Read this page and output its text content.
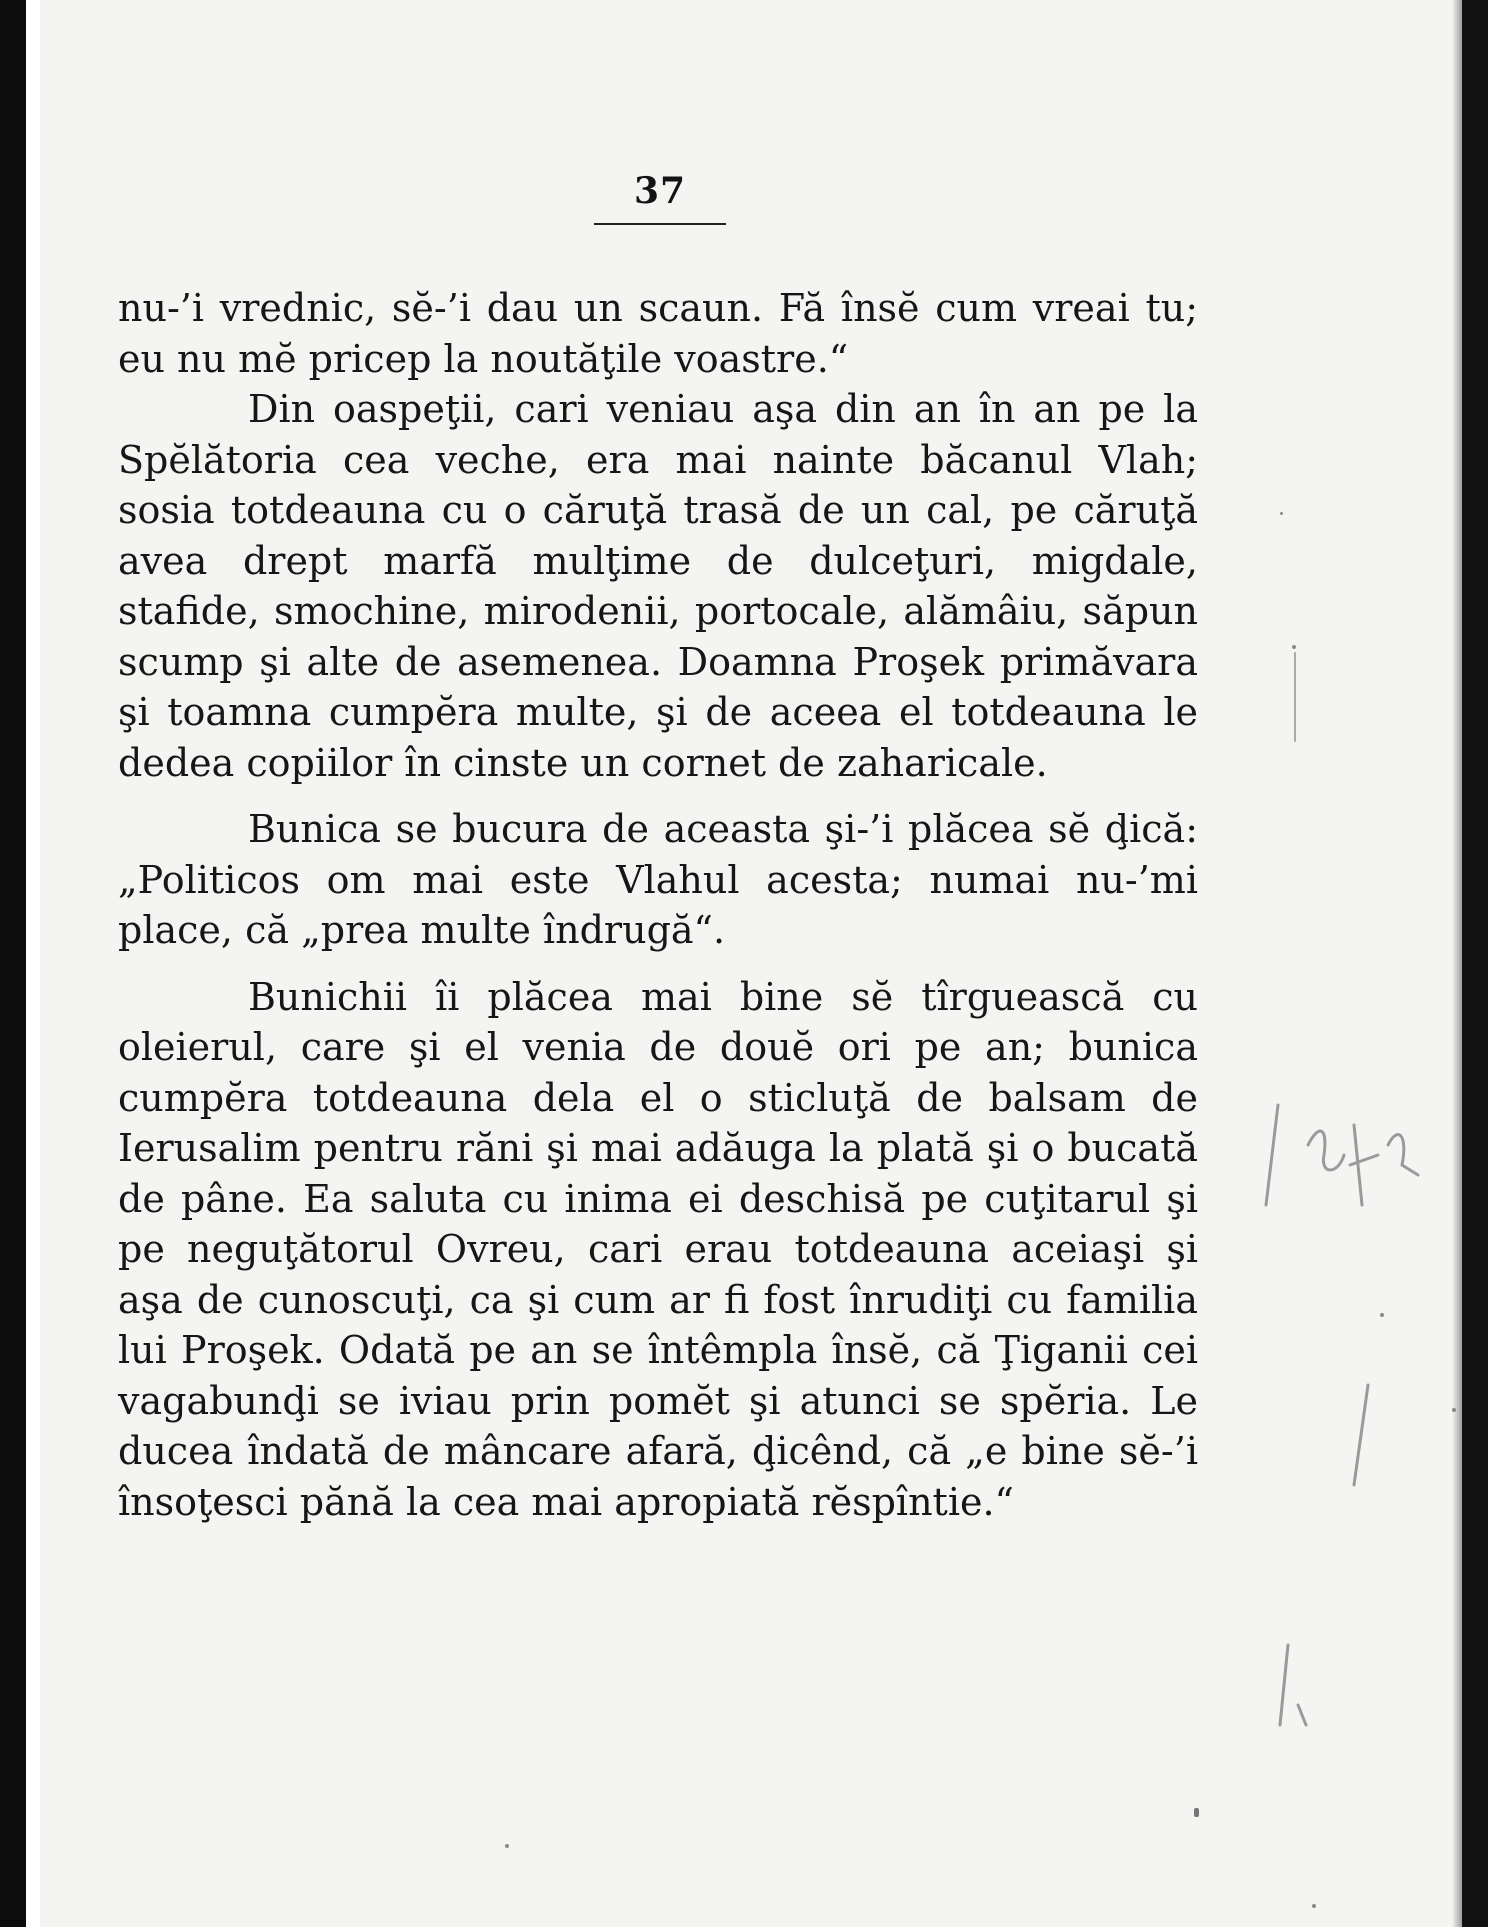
37

nu-’i vrednic, sĕ-’i dau un scaun. Fă însĕ cum vreai tu; eu nu mĕ pricep la noutăţile voastre.“

Din oaspeţii, cari veniau aşa din an în an pe la Spĕlătoria cea veche, era mai nainte băcanul Vlah; sosia totdeauna cu o căruţă trasă de un cal, pe căruţă avea drept marfă mulţime de dulceţuri, migdale, stafide, smochine, mirodenii, portocale, alămâiu, săpun scump şi alte de asemenea. Doamna Proşek primăvara şi toamna cumpĕra multe, şi de aceea el totdeauna le dedea copiilor în cinste un cornet de zaharicale.

Bunica se bucura de aceasta şi-’i plăcea sĕ ḑică: „Politicos om mai este Vlahul acesta; numai nu-’mi place, că „prea multe îndrugă“.

Bunichii îi plăcea mai bine sĕ tîrguească cu oleierul, care şi el venia de douĕ ori pe an; bunica cumpĕra totdeauna dela el o sticluţă de balsam de Ierusalim pentru răni şi mai adăuga la plată şi o bucată de pâne. Ea saluta cu inima ei deschisă pe cuţitarul şi pe neguţătorul Ovreu, cari erau totdeauna aceiaşi şi aşa de cunoscuţi, ca şi cum ar fi fost înrudiţi cu familia lui Proşek. Odată pe an se întêmpla însĕ, că Ţiganii cei vagabunḑi se iviau prin pomĕt şi atunci se spĕria. Le ducea îndată de mâncare afară, ḑicênd, că „e bine sĕ-’i însoţesci pănă la cea mai apropiată rĕspîntie.“
